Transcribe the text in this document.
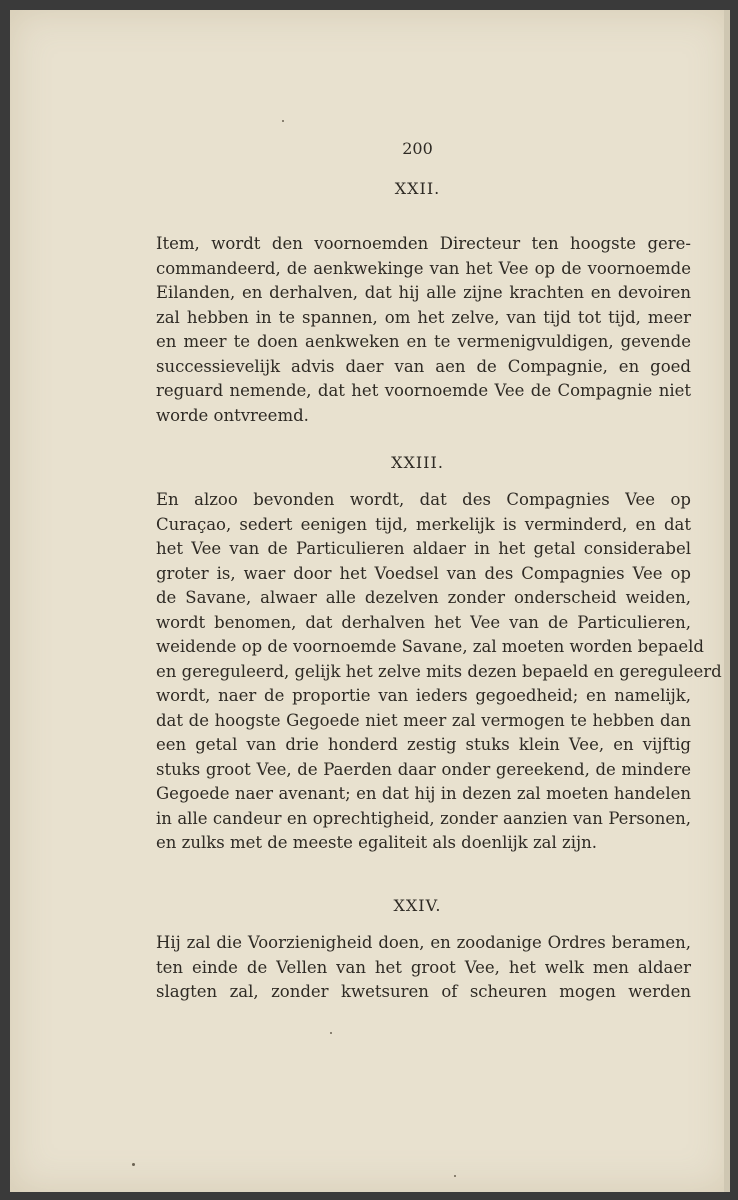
200
XXII.

Item, wordt den voornoemden Directeur ten hoogste gere-
commandeerd, de aenkwekinge van het Vee op de voornoemde
Eilanden, en derhalven, dat hij alle zijne krachten en devoiren
zal hebben in te spannen, om het zelve, van tijd tot tijd, meer
en meer te doen aenkweken en te vermenigvuldigen, gevende
successievelijk advis daer van aen de Compagnie, en goed
reguard nemende, dat het voornoemde Vee de Compagnie niet
worde ontvreemd.

XXIII.

En alzoo bevonden wordt, dat des Compagnies Vee op
Curaçao, sedert eenigen tijd, merkelijk is verminderd, en dat
het Vee van de Particulieren aldaer in het getal considerabel
groter is, waer door het Voedsel van des Compagnies Vee op
de Savane, alwaer alle dezelven zonder onderscheid weiden,
wordt benomen, dat derhalven het Vee van de Particulieren,
weidende op de voornoemde Savane, zal moeten worden bepaeld
en gereguleerd, gelijk het zelve mits dezen bepaeld en gereguleerd
wordt, naer de proportie van ieders gegoedheid; en namelijk,
dat de hoogste Gegoede niet meer zal vermogen te hebben dan
een getal van drie honderd zestig stuks klein Vee, en vijftig
stuks groot Vee, de Paerden daar onder gereekend, de mindere
Gegoede naer avenant; en dat hij in dezen zal moeten handelen
in alle candeur en oprechtigheid, zonder aanzien van Personen,
en zulks met de meeste egaliteit als doenlijk zal zijn.

XXIV.

Hij zal die Voorzienigheid doen, en zoodanige Ordres beramen,
ten einde de Vellen van het groot Vee, het welk men aldaer
slagten zal, zonder kwetsuren of scheuren mogen werden
